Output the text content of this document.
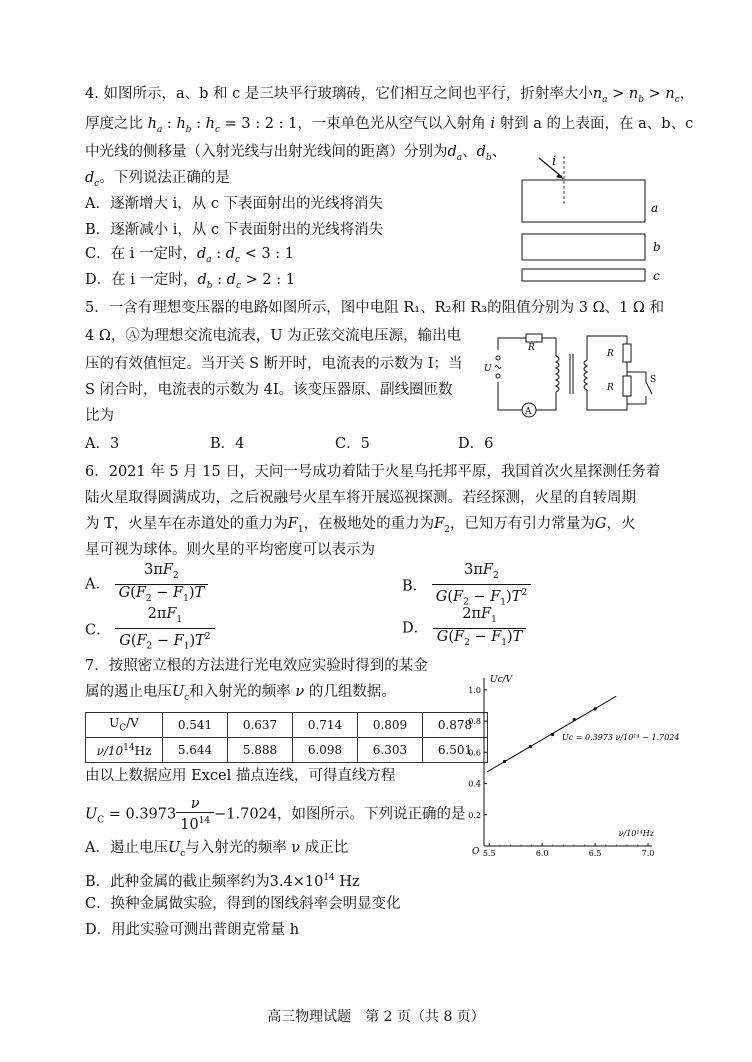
4. 如图所示，a、b 和 c 是三块平行玻璃砖，它们相互之间也平行，折射率大小$n_a > n_b > n_c$，
厚度之比 $h_a$ : $h_b$ : $h_c = 3$ : 2 : 1，一束单色光从空气以入射角 i 射到 a 的上表面，在 a、b、c
中光线的侧移量（入射光线与出射光线间的距离）分别为$d_a$、$d_b$、
$d_c$。下列说法正确的是
A．逐渐增大 i，从 c 下表面射出的光线将消失
B．逐渐减小 i，从 c 下表面射出的光线将消失
C．在 i 一定时，$d_a$ : $d_c < 3$ : 1
D．在 i 一定时，$d_b$ : $d_c > 2$ : 1
i
a
b
c
5．一含有理想变压器的电路如图所示，图中电阻 R₁、R₂和 R₃的阻值分别为 3 Ω、1 Ω 和
4 Ω，Ⓐ为理想交流电流表，U 为正弦交流电压源，输出电
压的有效值恒定。当开关 S 断开时，电流表的示数为 I；当
S 闭合时，电流表的示数为 4I。该变压器原、副线圈匝数
比为
A．3	B．4	C．5	D．6
R
R
R
S
U
A
6．2021 年 5 月 15 日，天问一号成功着陆于火星乌托邦平原，我国首次火星探测任务着
陆火星取得圆满成功，之后祝融号火星车将开展巡视探测。若经探测，火星的自转周期
为 T，火星车在赤道处的重力为$F_1$，在极地处的重力为$F_2$，已知万有引力常量为G，火
星可视为球体。则火星的平均密度可以表示为
A． $\frac{3\pi F_2}{G(F_2 - F_1)T}$	B． $\frac{3\pi F_2}{G(F_2 - F_1)T^2}$
C． $\frac{2\pi F_1}{G(F_2 - F_1)T^2}$	D． $\frac{2\pi F_1}{G(F_2 - F_1)T}$
7．按照密立根的方法进行光电效应实验时得到的某金
属的遏止电压$U_c$和入射光的频率 ν 的几组数据。
$U_C/V$	0.541	0.637	0.714	0.809	0.878
$\nu/10^{14}Hz$	5.644	5.888	6.098	6.303	6.501
由以上数据应用 Excel 描点连线，可得直线方程
$U_C = 0.3973 \frac{\nu}{10^{14}} -1.7024$，如图所示。下列说正确的是
A．遏止电压$U_c$与入射光的频率 ν 成正比
B．此种金属的截止频率约为$3.4\times 10^{14}$ Hz
C．换种金属做实验，得到的图线斜率会明显变化
D．用此实验可测出普朗克常量 h
5.5	6.0	6.5	7.0
0.2
0.4
0.6
0.8
1.0
Uc/V
ν/10¹⁴Hz
O
Uc = 0.3973 ν/10¹⁴ − 1.7024
高三物理试题　第 2 页（共 8 页）
